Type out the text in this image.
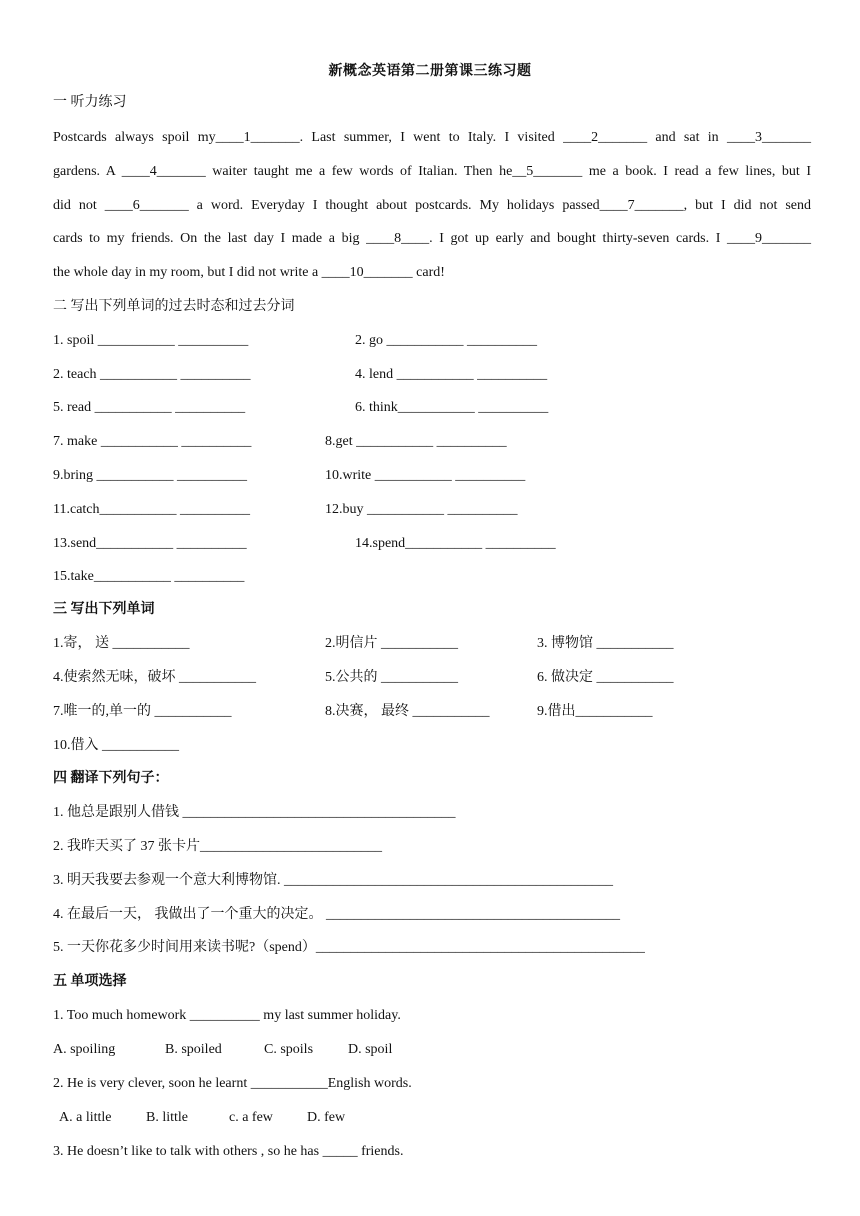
新概念英语第二册第课三练习题
一 听力练习
Postcards always spoil my____1_______. Last summer, I went to Italy. I visited ____2_______ and sat in ____3_______
gardens. A ____4_______ waiter taught me a few words of Italian. Then he__5_______ me a book. I read a few lines, but I
did not ____6_______ a word. Everyday I thought about postcards. My holidays passed____7_______, but I did not send
cards to my friends. On the last day I made a big ____8____. I got up early and bought thirty-seven cards. I ____9_______
the whole day in my room, but I did not write a ____10_______ card!
二 写出下列单词的过去时态和过去分词
1. spoil ___________ __________	2. go ___________ __________
2. teach ___________ __________	4. lend ___________ __________
5. read ___________ __________	6. think___________ __________
7. make ___________ __________	8.get ___________ __________
9.bring ___________ __________	10.write ___________ __________
11.catch___________ __________	12.buy ___________ __________
13.send___________ __________	14.spend___________ __________
15.take___________ __________
三 写出下列单词
1.寄， 送 ___________	2.明信片 ___________	3. 博物馆 ___________
4.使索然无味，破坏 ___________	5.公共的 ___________	6. 做决定 ___________
7.唯一的,单一的 ___________	8.决赛， 最终 ___________	9.借出___________
10.借入 ___________
四 翻译下列句子：
1. 他总是跟别人借钱 _______________________________________
2. 我昨天买了 37 张卡片__________________________
3. 明天我要去参观一个意大利博物馆. _______________________________________________
4. 在最后一天， 我做出了一个重大的决定。 __________________________________________
5. 一天你花多少时间用来读书呢?（spend）_______________________________________________
五 单项选择
1. Too much homework __________ my last summer holiday.
A. spoiling	B. spoiled	C. spoils D. spoil
2. He is very clever, soon he learnt ___________English words.
A. a little B. little	c. a few D. few
3. He doesn’t like to talk with others , so he has _____ friends.
